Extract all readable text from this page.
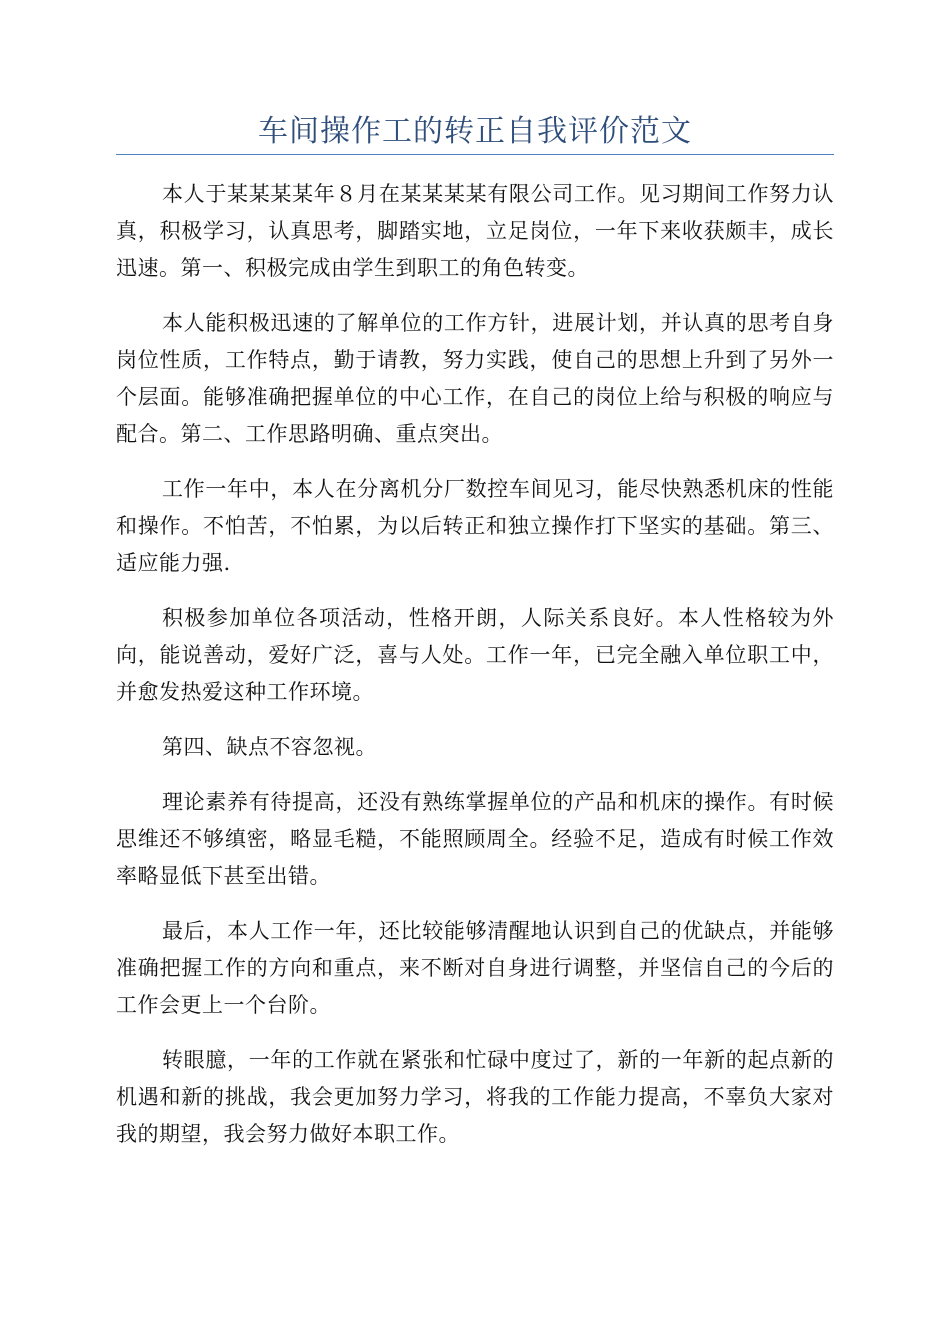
车间操作工的转正自我评价范文

本人于某某某某年８月在某某某某有限公司工作。见习期间工作努力认真，积极学习，认真思考，脚踏实地，立足岗位，一年下来收获颇丰，成长迅速。第一、积极完成由学生到职工的角色转变。

本人能积极迅速的了解单位的工作方针，进展计划，并认真的思考自身岗位性质，工作特点，勤于请教，努力实践，使自己的思想上升到了另外一个层面。能够准确把握单位的中心工作，在自己的岗位上给与积极的响应与配合。第二、工作思路明确、重点突出。

工作一年中，本人在分离机分厂数控车间见习，能尽快熟悉机床的性能和操作。不怕苦，不怕累，为以后转正和独立操作打下坚实的基础。第三、适应能力强.

积极参加单位各项活动，性格开朗，人际关系良好。本人性格较为外向，能说善动，爱好广泛，喜与人处。工作一年，已完全融入单位职工中，并愈发热爱这种工作环境。

第四、缺点不容忽视。

理论素养有待提高，还没有熟练掌握单位的产品和机床的操作。有时候思维还不够缜密，略显毛糙，不能照顾周全。经验不足，造成有时候工作效率略显低下甚至出错。

最后，本人工作一年，还比较能够清醒地认识到自己的优缺点，并能够准确把握工作的方向和重点，来不断对自身进行调整，并坚信自己的今后的工作会更上一个台阶。

转眼臆，一年的工作就在紧张和忙碌中度过了，新的一年新的起点新的机遇和新的挑战，我会更加努力学习，将我的工作能力提高，不辜负大家对我的期望，我会努力做好本职工作。
